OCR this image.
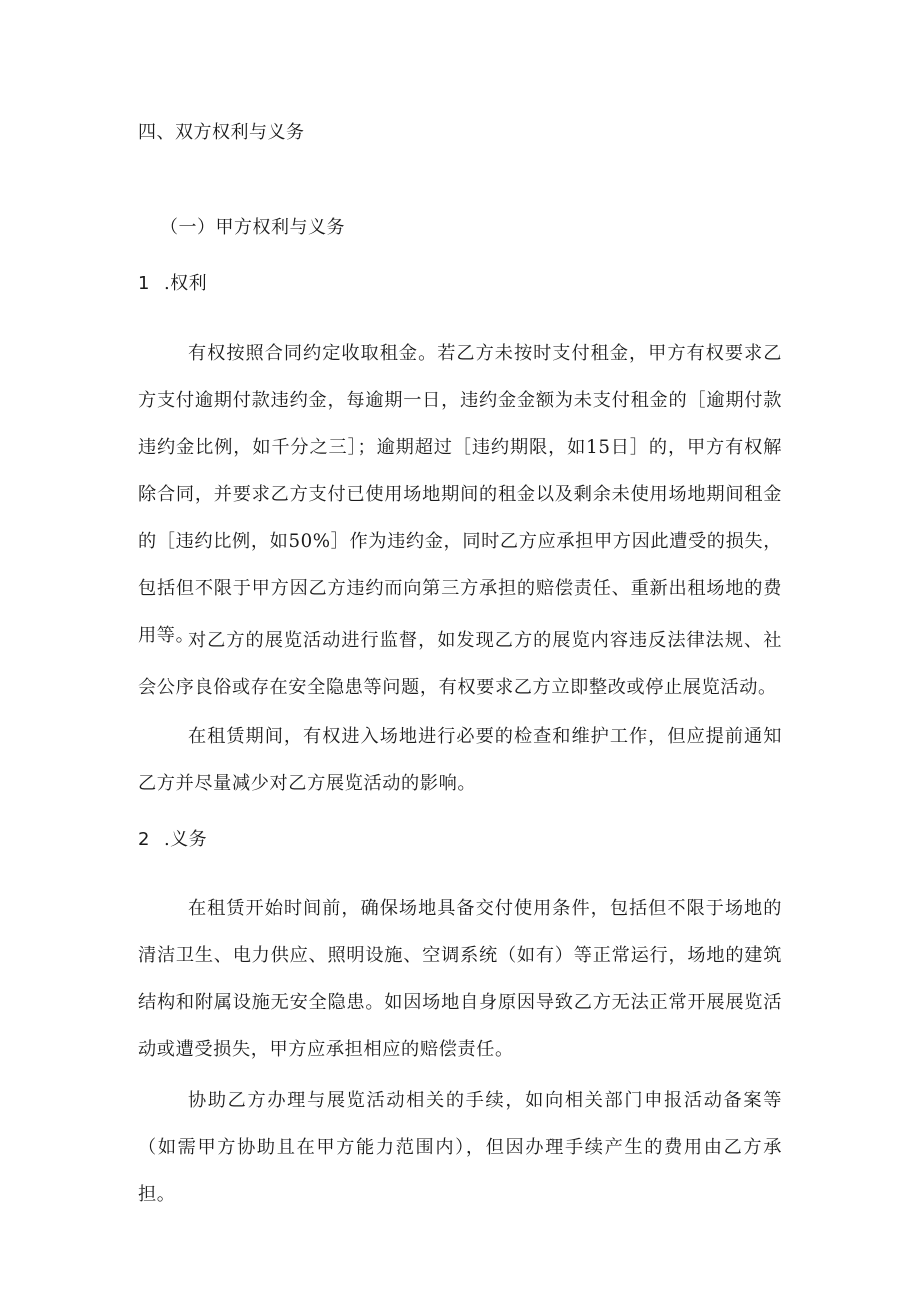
四、双方权利与义务

（一）甲方权利与义务

1 .权利

有权按照合同约定收取租金。若乙方未按时支付租金，甲方有权要求乙方支付逾期付款违约金，每逾期一日，违约金金额为未支付租金的［逾期付款违约金比例，如千分之三］；逾期超过［违约期限，如15日］的，甲方有权解除合同，并要求乙方支付已使用场地期间的租金以及剩余未使用场地期间租金的［违约比例，如50%］作为违约金，同时乙方应承担甲方因此遭受的损失，包括但不限于甲方因乙方违约而向第三方承担的赔偿责任、重新出租场地的费用等。

对乙方的展览活动进行监督，如发现乙方的展览内容违反法律法规、社会公序良俗或存在安全隐患等问题，有权要求乙方立即整改或停止展览活动。

在租赁期间，有权进入场地进行必要的检查和维护工作，但应提前通知乙方并尽量减少对乙方展览活动的影响。

2 .义务

在租赁开始时间前，确保场地具备交付使用条件，包括但不限于场地的清洁卫生、电力供应、照明设施、空调系统（如有）等正常运行，场地的建筑结构和附属设施无安全隐患。如因场地自身原因导致乙方无法正常开展展览活动或遭受损失，甲方应承担相应的赔偿责任。

协助乙方办理与展览活动相关的手续，如向相关部门申报活动备案等（如需甲方协助且在甲方能力范围内），但因办理手续产生的费用由乙方承担。
